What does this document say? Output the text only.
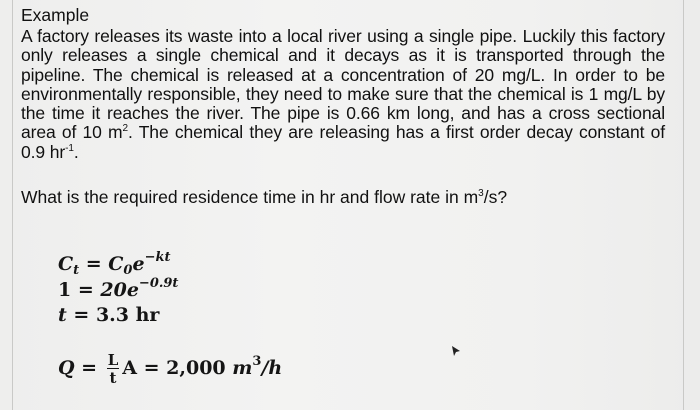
Example
A factory releases its waste into a local river using a single pipe. Luckily this factory only releases a single chemical and it decays as it is transported through the pipeline. The chemical is released at a concentration of 20 mg/L. In order to be environmentally responsible, they need to make sure that the chemical is 1 mg/L by the time it reaches the river. The pipe is 0.66 km long, and has a cross sectional area of 10 $m^2$. The chemical they are releasing has a first order decay constant of 0.9 $hr^{-1}$.
What is the required residence time in hr and flow rate in $m^3/s$?
$C_t = C_0e^{-kt}$
$1 = 20e^{-0.9t}$
t = 3.3 hr
$Q = \frac{L}{t}$ A = 2,000 $m^3/h$
